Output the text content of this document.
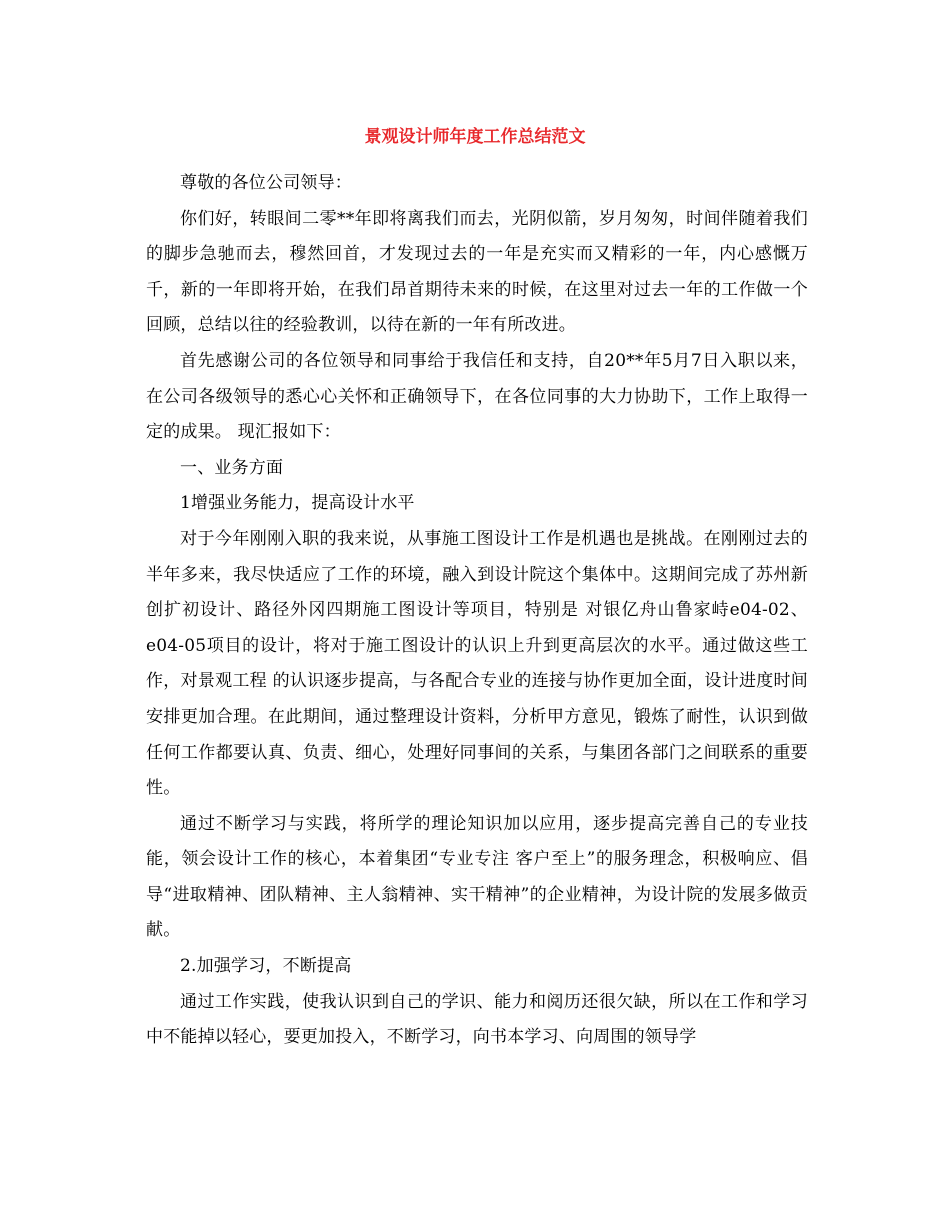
景观设计师年度工作总结范文

尊敬的各位公司领导：

你们好，转眼间二零**年即将离我们而去，光阴似箭，岁月匆匆，时间伴随着我们的脚步急驰而去，穆然回首，才发现过去的一年是充实而又精彩的一年，内心感慨万千，新的一年即将开始，在我们昂首期待未来的时候，在这里对过去一年的工作做一个回顾，总结以往的经验教训，以待在新的一年有所改进。

首先感谢公司的各位领导和同事给于我信任和支持，自20**年5月7日入职以来，在公司各级领导的悉心心关怀和正确领导下，在各位同事的大力协助下，工作上取得一定的成果。 现汇报如下：

一、业务方面

1增强业务能力，提高设计水平

对于今年刚刚入职的我来说，从事施工图设计工作是机遇也是挑战。在刚刚过去的半年多来，我尽快适应了工作的环境，融入到设计院这个集体中。这期间完成了苏州新创扩初设计、路径外冈四期施工图设计等项目，特别是 对银亿舟山鲁家峙e04-02、e04-05项目的设计，将对于施工图设计的认识上升到更高层次的水平。通过做这些工作，对景观工程 的认识逐步提高，与各配合专业的连接与协作更加全面，设计进度时间安排更加合理。在此期间，通过整理设计资料，分析甲方意见，锻炼了耐性，认识到做任何工作都要认真、负责、细心，处理好同事间的关系，与集团各部门之间联系的重要性。

通过不断学习与实践，将所学的理论知识加以应用，逐步提高完善自己的专业技能，领会设计工作的核心，本着集团“专业专注 客户至上”的服务理念，积极响应、倡导“进取精神、团队精神、主人翁精神、实干精神”的企业精神，为设计院的发展多做贡献。

2.加强学习，不断提高

通过工作实践，使我认识到自己的学识、能力和阅历还很欠缺，所以在工作和学习中不能掉以轻心，要更加投入，不断学习，向书本学习、向周围的领导学
